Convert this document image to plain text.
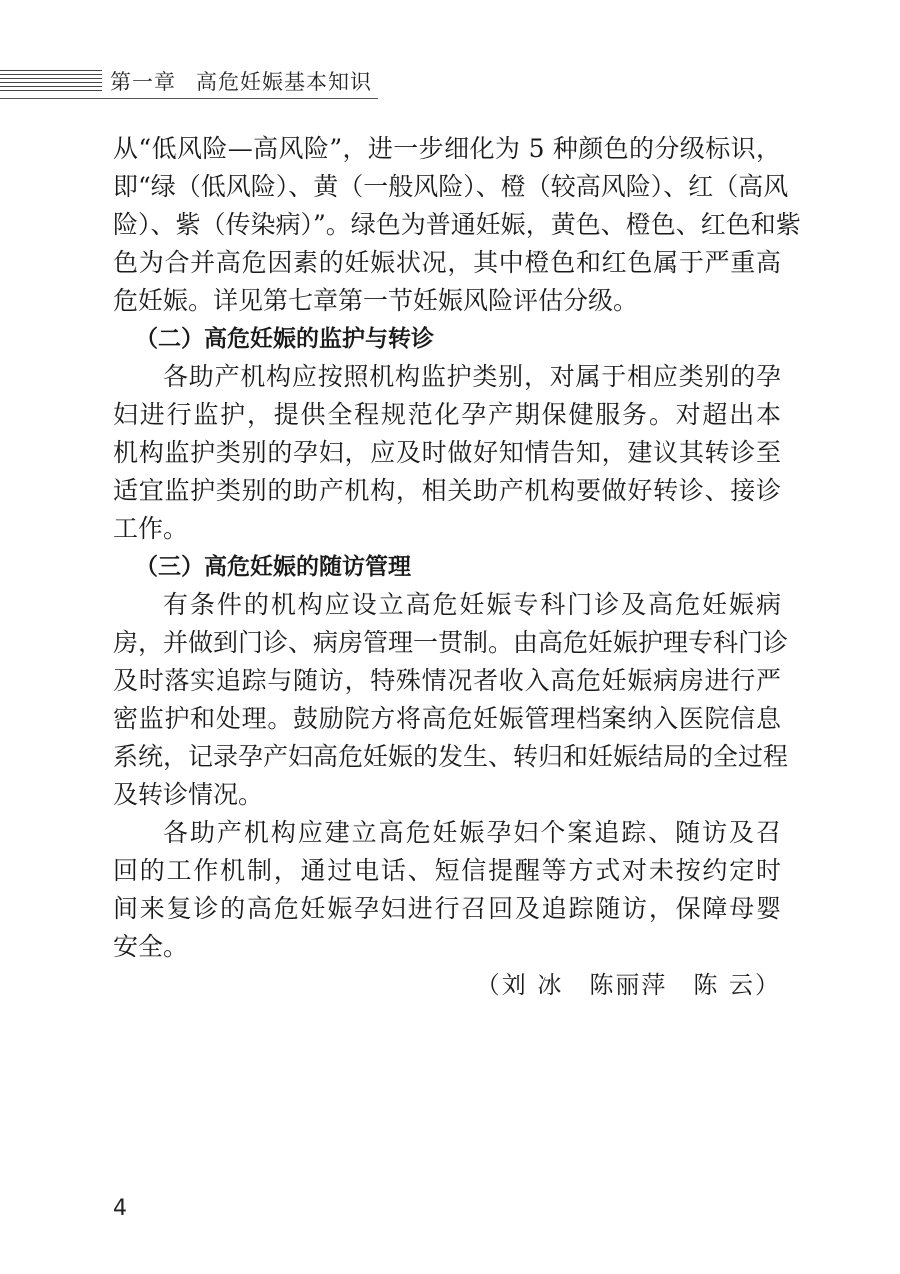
第一章 高危妊娠基本知识
从“低风险—高风险”，进一步细化为 5 种颜色的分级标识，
即“绿（低风险）、黄（一般风险）、橙（较高风险）、红（高风
险）、紫（传染病）”。绿色为普通妊娠，黄色、橙色、红色和紫
色为合并高危因素的妊娠状况，其中橙色和红色属于严重高
危妊娠。详见第七章第一节妊娠风险评估分级。
（二）高危妊娠的监护与转诊
各助产机构应按照机构监护类别，对属于相应类别的孕
妇进行监护，提供全程规范化孕产期保健服务。对超出本
机构监护类别的孕妇，应及时做好知情告知，建议其转诊至
适宜监护类别的助产机构，相关助产机构要做好转诊、接诊
工作。
（三）高危妊娠的随访管理
有条件的机构应设立高危妊娠专科门诊及高危妊娠病
房，并做到门诊、病房管理一贯制。由高危妊娠护理专科门诊
及时落实追踪与随访，特殊情况者收入高危妊娠病房进行严
密监护和处理。鼓励院方将高危妊娠管理档案纳入医院信息
系统，记录孕产妇高危妊娠的发生、转归和妊娠结局的全过程
及转诊情况。
各助产机构应建立高危妊娠孕妇个案追踪、随访及召
回的工作机制，通过电话、短信提醒等方式对未按约定时
间来复诊的高危妊娠孕妇进行召回及追踪随访，保障母婴
安全。
（刘 冰　陈丽萍　陈 云）
4
